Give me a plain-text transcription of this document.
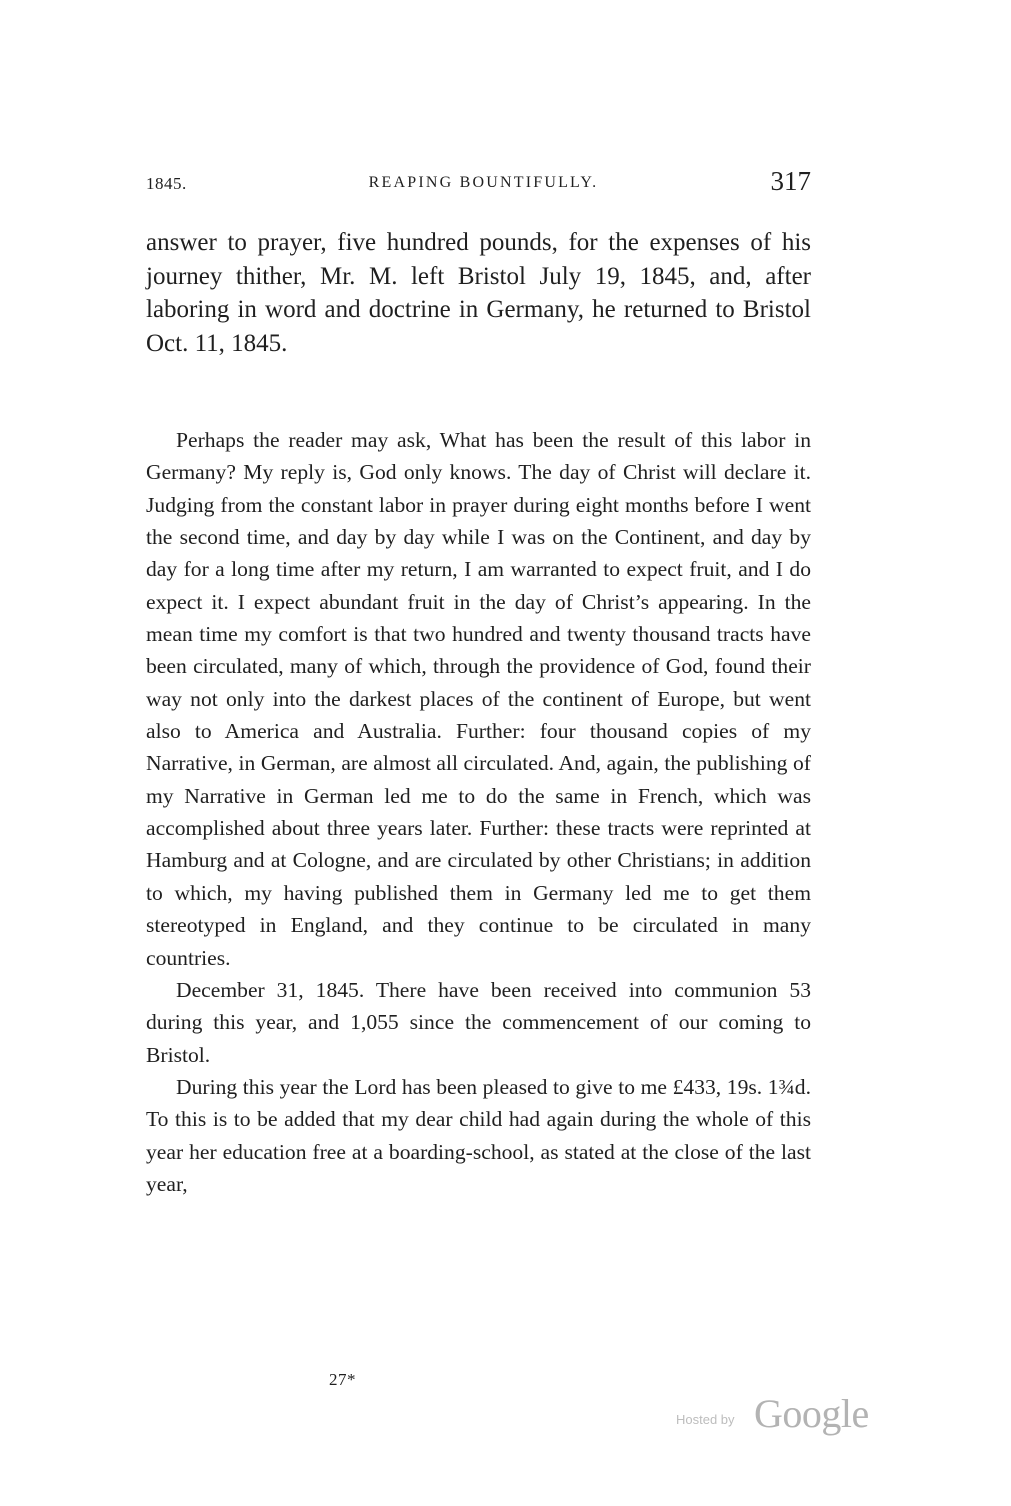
1845.	REAPING BOUNTIFULLY.	317

answer to prayer, five hundred pounds, for the expenses of his journey thither, Mr. M. left Bristol July 19, 1845, and, after laboring in word and doctrine in Germany, he returned to Bristol Oct. 11, 1845.

Perhaps the reader may ask, What has been the result of this labor in Germany? My reply is, God only knows. The day of Christ will declare it. Judging from the constant labor in prayer during eight months before I went the second time, and day by day while I was on the Continent, and day by day for a long time after my return, I am warranted to expect fruit, and I do expect it. I expect abundant fruit in the day of Christ’s appearing. In the mean time my comfort is that two hundred and twenty thousand tracts have been circulated, many of which, through the providence of God, found their way not only into the darkest places of the continent of Europe, but went also to America and Australia. Further: four thousand copies of my Narrative, in German, are almost all circulated. And, again, the publishing of my Narrative in German led me to do the same in French, which was accomplished about three years later. Further: these tracts were reprinted at Hamburg and at Cologne, and are circulated by other Christians; in addition to which, my having published them in Germany led me to get them stereotyped in England, and they continue to be circulated in many countries.

December 31, 1845. There have been received into communion 53 during this year, and 1,055 since the commencement of our coming to Bristol.

During this year the Lord has been pleased to give to me £433, 19s. 1¾d. To this is to be added that my dear child had again during the whole of this year her education free at a boarding-school, as stated at the close of the last year,

27*
Hosted by Google
